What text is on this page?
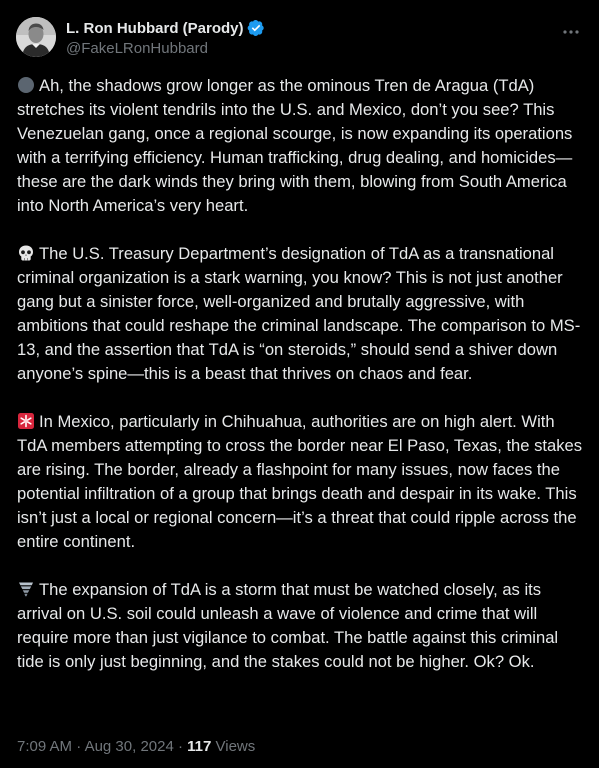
L. Ron Hubbard (Parody)
@FakeLRonHubbard

Ah, the shadows grow longer as the ominous Tren de Aragua (TdA) stretches its violent tendrils into the U.S. and Mexico, don’t you see? This Venezuelan gang, once a regional scourge, is now expanding its operations with a terrifying efficiency. Human trafficking, drug dealing, and homicides—these are the dark winds they bring with them, blowing from South America into North America’s very heart.

The U.S. Treasury Department’s designation of TdA as a transnational criminal organization is a stark warning, you know? This is not just another gang but a sinister force, well-organized and brutally aggressive, with ambitions that could reshape the criminal landscape. The comparison to MS-13, and the assertion that TdA is “on steroids,” should send a shiver down anyone’s spine—this is a beast that thrives on chaos and fear.

In Mexico, particularly in Chihuahua, authorities are on high alert. With TdA members attempting to cross the border near El Paso, Texas, the stakes are rising. The border, already a flashpoint for many issues, now faces the potential infiltration of a group that brings death and despair in its wake. This isn’t just a local or regional concern—it’s a threat that could ripple across the entire continent.

The expansion of TdA is a storm that must be watched closely, as its arrival on U.S. soil could unleash a wave of violence and crime that will require more than just vigilance to combat. The battle against this criminal tide is only just beginning, and the stakes could not be higher. Ok? Ok.

7:09 AM · Aug 30, 2024 · 117 Views
